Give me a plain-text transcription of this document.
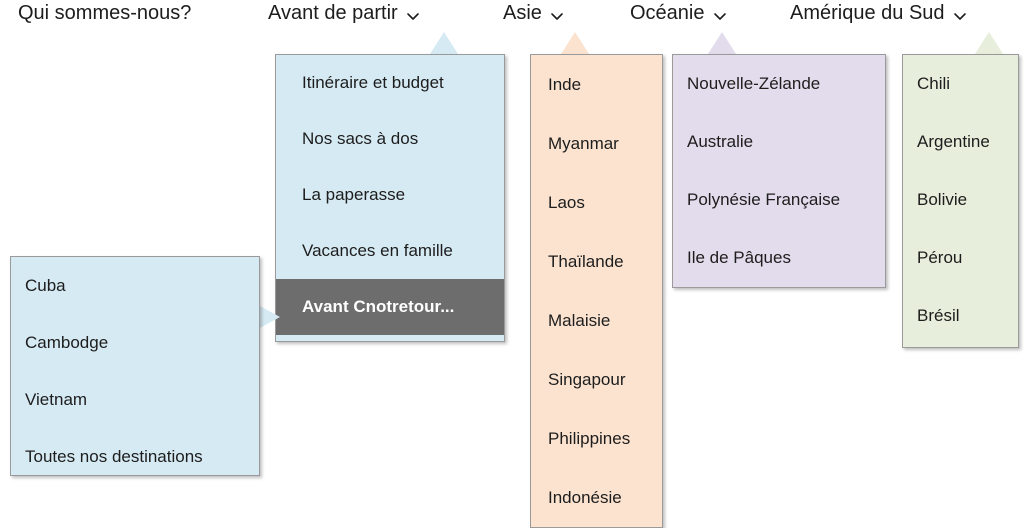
Qui sommes-nous?	Avant de partir	Asie	Océanie	Amérique du Sud
Itinéraire et budget
Nos sacs à dos
La paperasse
Vacances en famille
Avant Cnotretour...
Cuba
Cambodge
Vietnam
Toutes nos destinations
Inde
Myanmar
Laos
Thaïlande
Malaisie
Singapour
Philippines
Indonésie
Nouvelle-Zélande
Australie
Polynésie Française
Ile de Pâques
Chili
Argentine
Bolivie
Pérou
Brésil
